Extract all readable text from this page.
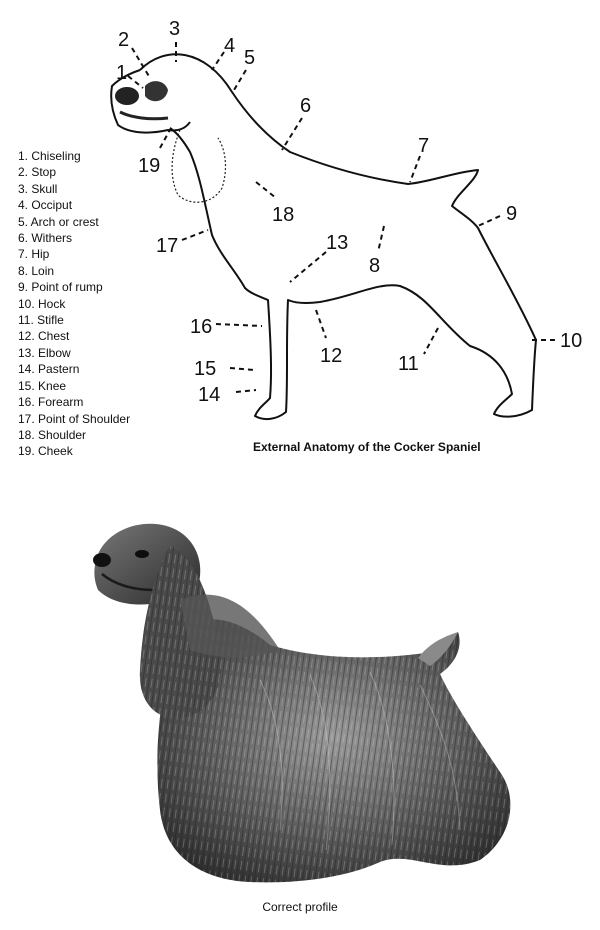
1
2 3
4
5
6
7
8
9
10
11
12
13
14
15
16
17
18
19
1. Chiseling
2. Stop
3. Skull
4. Occiput
5. Arch or crest
6. Withers
7. Hip
8. Loin
9. Point of rump
10. Hock
11. Stifle
12. Chest
13. Elbow
14. Pastern
15. Knee
16. Forearm
17. Point of Shoulder
18. Shoulder
19. Cheek	External Anatomy of the Cocker Spaniel
Correct profile
